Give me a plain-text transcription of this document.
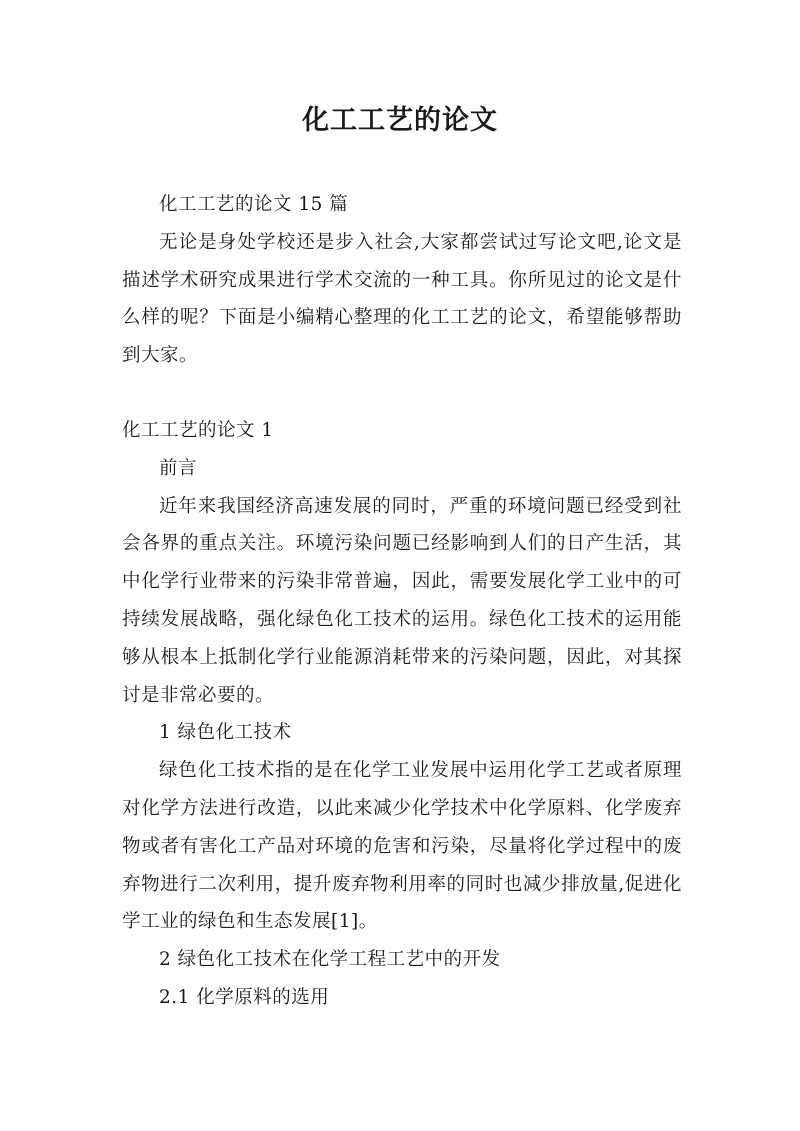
化工工艺的论文

化工工艺的论文 15 篇

无论是身处学校还是步入社会,大家都尝试过写论文吧,论文是描述学术研究成果进行学术交流的一种工具。你所见过的论文是什么样的呢？下面是小编精心整理的化工工艺的论文，希望能够帮助到大家。

化工工艺的论文 1

前言

近年来我国经济高速发展的同时，严重的环境问题已经受到社会各界的重点关注。环境污染问题已经影响到人们的日产生活，其中化学行业带来的污染非常普遍，因此，需要发展化学工业中的可持续发展战略，强化绿色化工技术的运用。绿色化工技术的运用能够从根本上抵制化学行业能源消耗带来的污染问题，因此，对其探讨是非常必要的。

1 绿色化工技术

绿色化工技术指的是在化学工业发展中运用化学工艺或者原理对化学方法进行改造，以此来减少化学技术中化学原料、化学废弃物或者有害化工产品对环境的危害和污染，尽量将化学过程中的废弃物进行二次利用，提升废弃物利用率的同时也减少排放量,促进化学工业的绿色和生态发展[1]。

2 绿色化工技术在化学工程工艺中的开发

2.1 化学原料的选用
